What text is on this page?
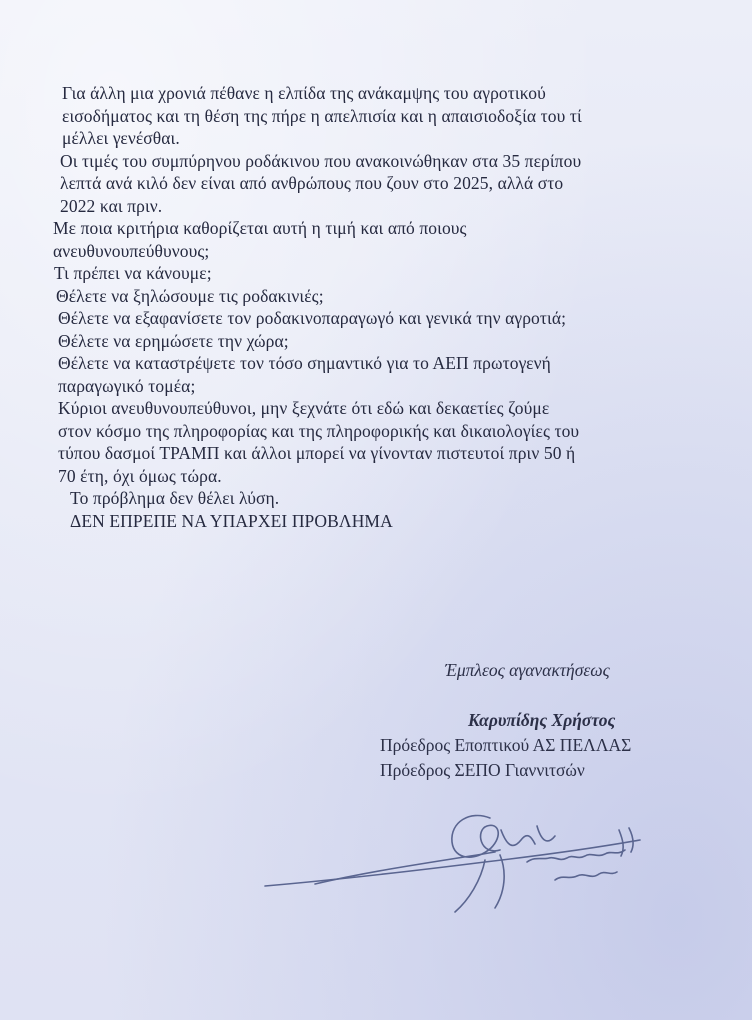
Για άλλη μια χρονιά πέθανε η ελπίδα της ανάκαμψης του αγροτικού
εισοδήματος και τη θέση της πήρε η απελπισία και η απαισιοδοξία του τί
μέλλει γενέσθαι.

Οι τιμές του συμπύρηνου ροδάκινου που ανακοινώθηκαν στα 35 περίπου
λεπτά ανά κιλό δεν είναι από ανθρώπους που ζουν στο 2025, αλλά στο
2022 και πριν.

Με ποια κριτήρια καθορίζεται αυτή η τιμή και από ποιους
ανευθυνουπεύθυνους;

Τι πρέπει να κάνουμε;

Θέλετε να ξηλώσουμε τις ροδακινιές;

Θέλετε να εξαφανίσετε τον ροδακινοπαραγωγό και γενικά την αγροτιά;

Θέλετε να ερημώσετε την χώρα;

Θέλετε να καταστρέψετε τον τόσο σημαντικό για το ΑΕΠ πρωτογενή
παραγωγικό τομέα;

Κύριοι ανευθυνουπεύθυνοι, μην ξεχνάτε ότι εδώ και δεκαετίες ζούμε
στον κόσμο της πληροφορίας και της πληροφορικής και δικαιολογίες του
τύπου δασμοί ΤΡΑΜΠ και άλλοι μπορεί να γίνονταν πιστευτοί πριν 50 ή
70 έτη, όχι όμως τώρα.

Το πρόβλημα δεν θέλει λύση.

ΔΕΝ ΕΠΡΕΠΕ ΝΑ ΥΠΑΡΧΕΙ ΠΡΟΒΛΗΜΑ

Έμπλεος αγανακτήσεως
Καρυπίδης Χρήστος
Πρόεδρος Εποπτικού ΑΣ ΠΕΛΛΑΣ
Πρόεδρος ΣΕΠΟ Γιαννιτσών
